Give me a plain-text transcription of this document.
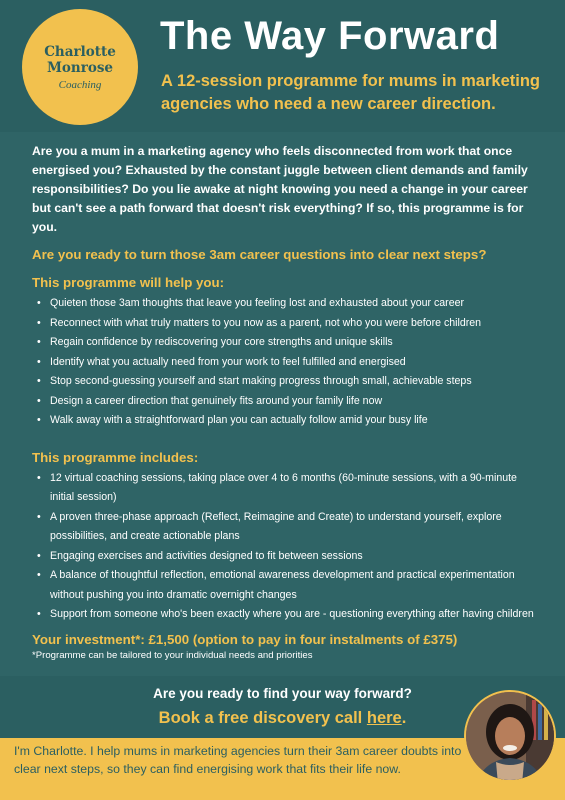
Charlotte
Monrose
Coaching
The Way Forward
A 12-session programme for mums in marketing agencies who need a new career direction.

Are you a mum in a marketing agency who feels disconnected from work that once energised you? Exhausted by the constant juggle between client demands and family responsibilities? Do you lie awake at night knowing you need a change in your career but can't see a path forward that doesn't risk everything? If so, this programme is for you.

Are you ready to turn those 3am career questions into clear next steps?

This programme will help you:
• Quieten those 3am thoughts that leave you feeling lost and exhausted about your career
• Reconnect with what truly matters to you now as a parent, not who you were before children
• Regain confidence by rediscovering your core strengths and unique skills
• Identify what you actually need from your work to feel fulfilled and energised
• Stop second-guessing yourself and start making progress through small, achievable steps
• Design a career direction that genuinely fits around your family life now
• Walk away with a straightforward plan you can actually follow amid your busy life
This programme includes:
• 12 virtual coaching sessions, taking place over 4 to 6 months (60-minute sessions, with a 90-minute initial session)
• A proven three-phase approach (Reflect, Reimagine and Create) to understand yourself, explore possibilities, and create actionable plans
• Engaging exercises and activities designed to fit between sessions
• A balance of thoughtful reflection, emotional awareness development and practical experimentation without pushing you into dramatic overnight changes
• Support from someone who's been exactly where you are - questioning everything after having children
Your investment*: £1,500 (option to pay in four instalments of £375)
*Programme can be tailored to your individual needs and priorities
Are you ready to find your way forward?
Book a free discovery call here.

I'm Charlotte. I help mums in marketing agencies turn their 3am career doubts into clear next steps, so they can find energising work that fits their life now.
